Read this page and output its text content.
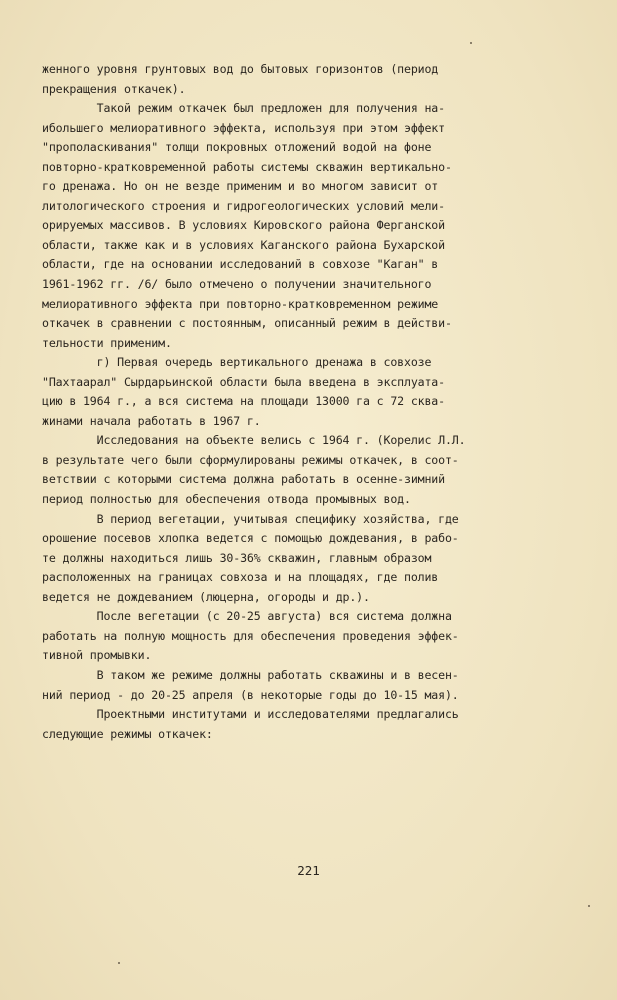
женного уровня грунтовых вод до бытовых горизонтов (период
прекращения откачек).
Такой режим откачек был предложен для получения на-
ибольшего мелиоративного эффекта, используя при этом эффект
"прополаскивания" толщи покровных отложений водой на фоне
повторно-кратковременной работы системы скважин вертикально-
го дренажа. Но он не везде применим и во многом зависит от
литологического строения и гидрогеологических условий мели-
орируемых массивов. В условиях Кировского района Ферганской
области, также как и в условиях Каганского района Бухарской
области, где на основании исследований в совхозе "Каган" в
1961-1962 гг. /6/ было отмечено о получении значительного
мелиоративного эффекта при повторно-кратковременном режиме
откачек в сравнении с постоянным, описанный режим в действи-
тельности применим.
г) Первая очередь вертикального дренажа в совхозе
"Пахтаарал" Сырдарьинской области была введена в эксплуата-
цию в 1964 г., а вся система на площади 13000 га с 72 сква-
жинами начала работать в 1967 г.
Исследования на объекте велись с 1964 г. (Корелис Л.Л.
в результате чего были сформулированы режимы откачек, в соот-
ветствии с которыми система должна работать в осенне-зимний
период полностью для обеспечения отвода промывных вод.
В период вегетации, учитывая специфику хозяйства, где
орошение посевов хлопка ведется с помощью дождевания, в рабо-
те должны находиться лишь 30-36% скважин, главным образом
расположенных на границах совхоза и на площадях, где полив
ведется не дождеванием (люцерна, огороды и др.).
После вегетации (с 20-25 августа) вся система должна
работать на полную мощность для обеспечения проведения эффек-
тивной промывки.
В таком же режиме должны работать скважины и в весен-
ний период - до 20-25 апреля (в некоторые годы до 10-15 мая).
Проектными институтами и исследователями предлагались
следующие режимы откачек:
221
